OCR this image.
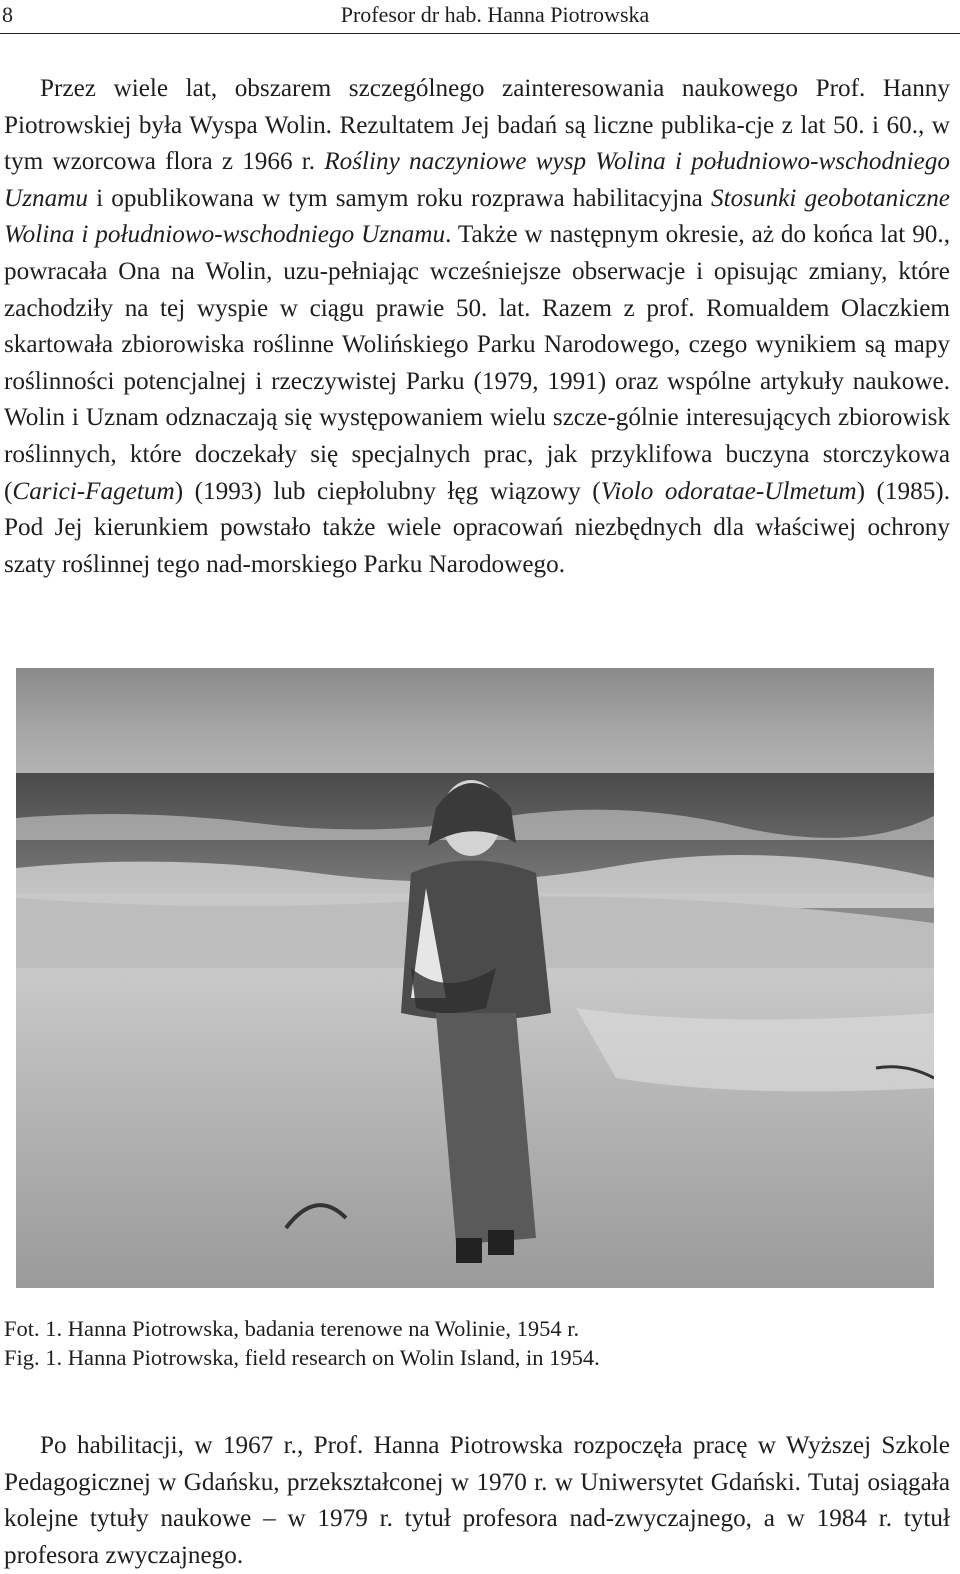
8	Profesor dr hab. Hanna Piotrowska

Przez wiele lat, obszarem szczególnego zainteresowania naukowego Prof. Hanny Piotrowskiej była Wyspa Wolin. Rezultatem Jej badań są liczne publika-cje z lat 50. i 60., w tym wzorcowa flora z 1966 r. Rośliny naczyniowe wysp Wolina i południowo-wschodniego Uznamu i opublikowana w tym samym roku rozprawa habilitacyjna Stosunki geobotaniczne Wolina i południowo-wschodniego Uznamu. Także w następnym okresie, aż do końca lat 90., powracała Ona na Wolin, uzu-pełniając wcześniejsze obserwacje i opisując zmiany, które zachodziły na tej wyspie w ciągu prawie 50. lat. Razem z prof. Romualdem Olaczkiem skartowała zbiorowiska roślinne Wolińskiego Parku Narodowego, czego wynikiem są mapy roślinności potencjalnej i rzeczywistej Parku (1979, 1991) oraz wspólne artykuły naukowe. Wolin i Uznam odznaczają się występowaniem wielu szcze-gólnie interesujących zbiorowisk roślinnych, które doczekały się specjalnych prac, jak przyklifowa buczyna storczykowa (Carici-Fagetum) (1993) lub ciepłolubny łęg wiązowy (Violo odoratae-Ulmetum) (1985). Pod Jej kierunkiem powstało także wiele opracowań niezbędnych dla właściwej ochrony szaty roślinnej tego nad-morskiego Parku Narodowego.

Fot. 1. Hanna Piotrowska, badania terenowe na Wolinie, 1954 r.
Fig. 1. Hanna Piotrowska, field research on Wolin Island, in 1954.

Po habilitacji, w 1967 r., Prof. Hanna Piotrowska rozpoczęła pracę w Wyższej Szkole Pedagogicznej w Gdańsku, przekształconej w 1970 r. w Uniwersytet Gdański. Tutaj osiągała kolejne tytuły naukowe – w 1979 r. tytuł profesora nad-zwyczajnego, a w 1984 r. tytuł profesora zwyczajnego.
